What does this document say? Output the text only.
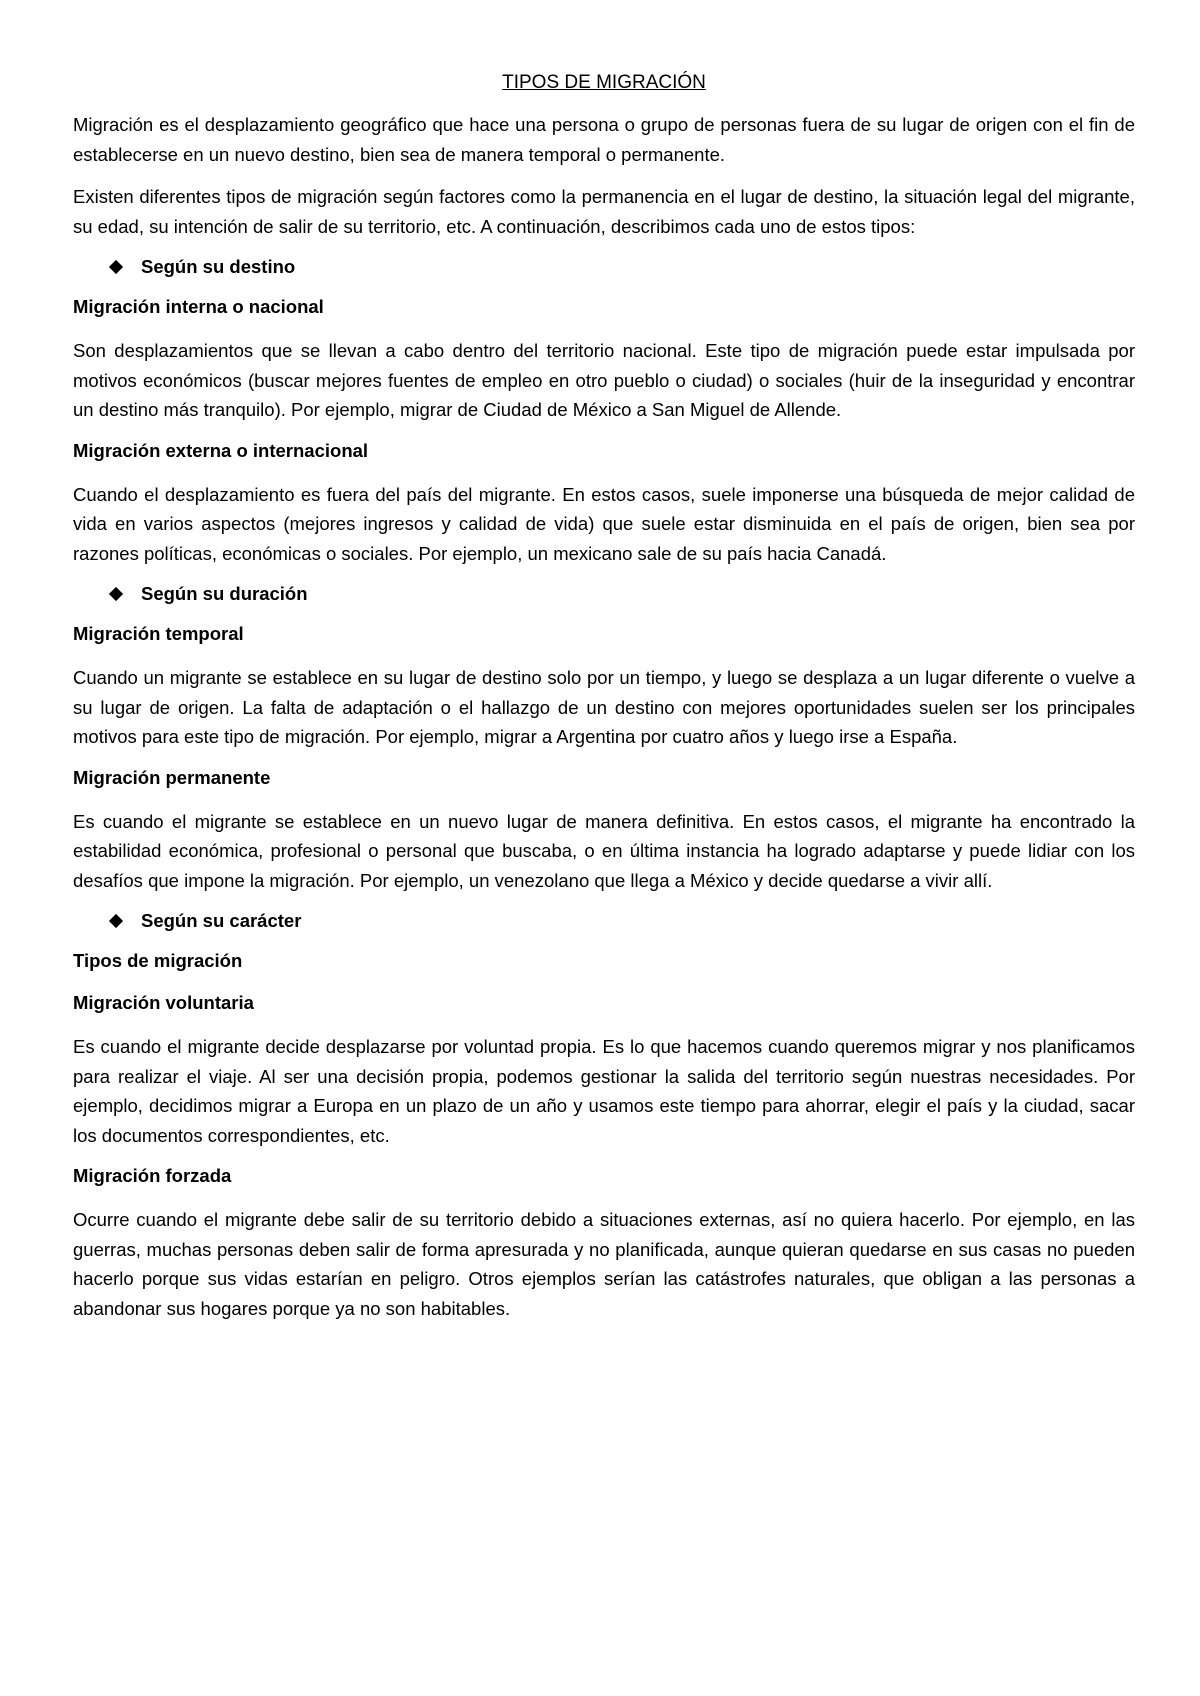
TIPOS DE MIGRACIÓN

Migración es el desplazamiento geográfico que hace una persona o grupo de personas fuera de su lugar de origen con el fin de establecerse en un nuevo destino, bien sea de manera temporal o permanente.

Existen diferentes tipos de migración según factores como la permanencia en el lugar de destino, la situación legal del migrante, su edad, su intención de salir de su territorio, etc. A continuación, describimos cada uno de estos tipos:

Según su destino
Migración interna o nacional

Son desplazamientos que se llevan a cabo dentro del territorio nacional. Este tipo de migración puede estar impulsada por motivos económicos (buscar mejores fuentes de empleo en otro pueblo o ciudad) o sociales (huir de la inseguridad y encontrar un destino más tranquilo). Por ejemplo, migrar de Ciudad de México a San Miguel de Allende.

Migración externa o internacional

Cuando el desplazamiento es fuera del país del migrante. En estos casos, suele imponerse una búsqueda de mejor calidad de vida en varios aspectos (mejores ingresos y calidad de vida) que suele estar disminuida en el país de origen, bien sea por razones políticas, económicas o sociales. Por ejemplo, un mexicano sale de su país hacia Canadá.

Según su duración
Migración temporal

Cuando un migrante se establece en su lugar de destino solo por un tiempo, y luego se desplaza a un lugar diferente o vuelve a su lugar de origen. La falta de adaptación o el hallazgo de un destino con mejores oportunidades suelen ser los principales motivos para este tipo de migración. Por ejemplo, migrar a Argentina por cuatro años y luego irse a España.

Migración permanente

Es cuando el migrante se establece en un nuevo lugar de manera definitiva. En estos casos, el migrante ha encontrado la estabilidad económica, profesional o personal que buscaba, o en última instancia ha logrado adaptarse y puede lidiar con los desafíos que impone la migración. Por ejemplo, un venezolano que llega a México y decide quedarse a vivir allí.

Según su carácter
Tipos de migración
Migración voluntaria

Es cuando el migrante decide desplazarse por voluntad propia. Es lo que hacemos cuando queremos migrar y nos planificamos para realizar el viaje. Al ser una decisión propia, podemos gestionar la salida del territorio según nuestras necesidades. Por ejemplo, decidimos migrar a Europa en un plazo de un año y usamos este tiempo para ahorrar, elegir el país y la ciudad, sacar los documentos correspondientes, etc.

Migración forzada

Ocurre cuando el migrante debe salir de su territorio debido a situaciones externas, así no quiera hacerlo. Por ejemplo, en las guerras, muchas personas deben salir de forma apresurada y no planificada, aunque quieran quedarse en sus casas no pueden hacerlo porque sus vidas estarían en peligro. Otros ejemplos serían las catástrofes naturales, que obligan a las personas a abandonar sus hogares porque ya no son habitables.
